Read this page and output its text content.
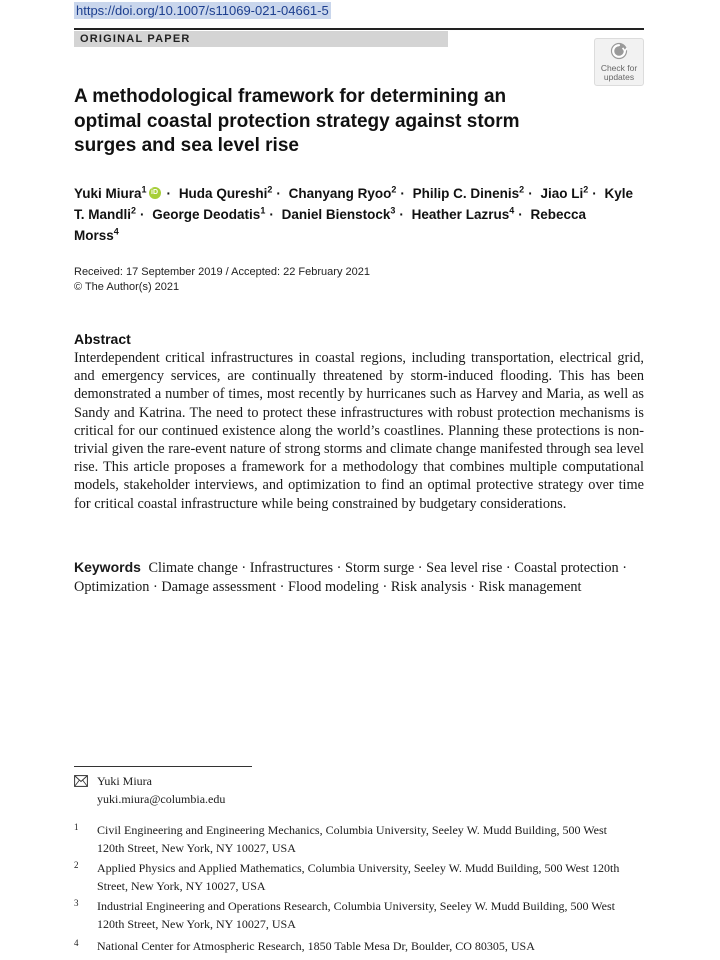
https://doi.org/10.1007/s11069-021-04661-5
ORIGINAL PAPER
Check for
updates
A methodological framework for determining an optimal coastal protection strategy against storm surges and sea level rise
Yuki Miura$^1$ iD · Huda Qureshi$^2$ · Chanyang Ryoo$^2$ · Philip C. Dinenis$^2$ · Jiao Li$^2$ · Kyle T. Mandli$^2$ · George Deodatis$^1$ · Daniel Bienstock$^3$ · Heather Lazrus$^4$ · Rebecca Morss$^4$
Received: 17 September 2019 / Accepted: 22 February 2021
© The Author(s) 2021
Abstract
Interdependent critical infrastructures in coastal regions, including transportation, electrical grid, and emergency services, are continually threatened by storm-induced flooding. This has been demonstrated a number of times, most recently by hurricanes such as Harvey and Maria, as well as Sandy and Katrina. The need to protect these infrastructures with robust protection mechanisms is critical for our continued existence along the world’s coastlines. Planning these protections is non-trivial given the rare-event nature of strong storms and climate change manifested through sea level rise. This article proposes a framework for a methodology that combines multiple computational models, stakeholder interviews, and optimization to find an optimal protective strategy over time for critical coastal infrastructure while being constrained by budgetary considerations.
Keywords Climate change · Infrastructures · Storm surge · Sea level rise · Coastal protection · Optimization · Damage assessment · Flood modeling · Risk analysis · Risk management
Yuki Miura
yuki.miura@columbia.edu
1 Civil Engineering and Engineering Mechanics, Columbia University, Seeley W. Mudd Building, 500 West 120th Street, New York, NY 10027, USA
2 Applied Physics and Applied Mathematics, Columbia University, Seeley W. Mudd Building, 500 West 120th Street, New York, NY 10027, USA
3 Industrial Engineering and Operations Research, Columbia University, Seeley W. Mudd Building, 500 West 120th Street, New York, NY 10027, USA
4 National Center for Atmospheric Research, 1850 Table Mesa Dr, Boulder, CO 80305, USA
